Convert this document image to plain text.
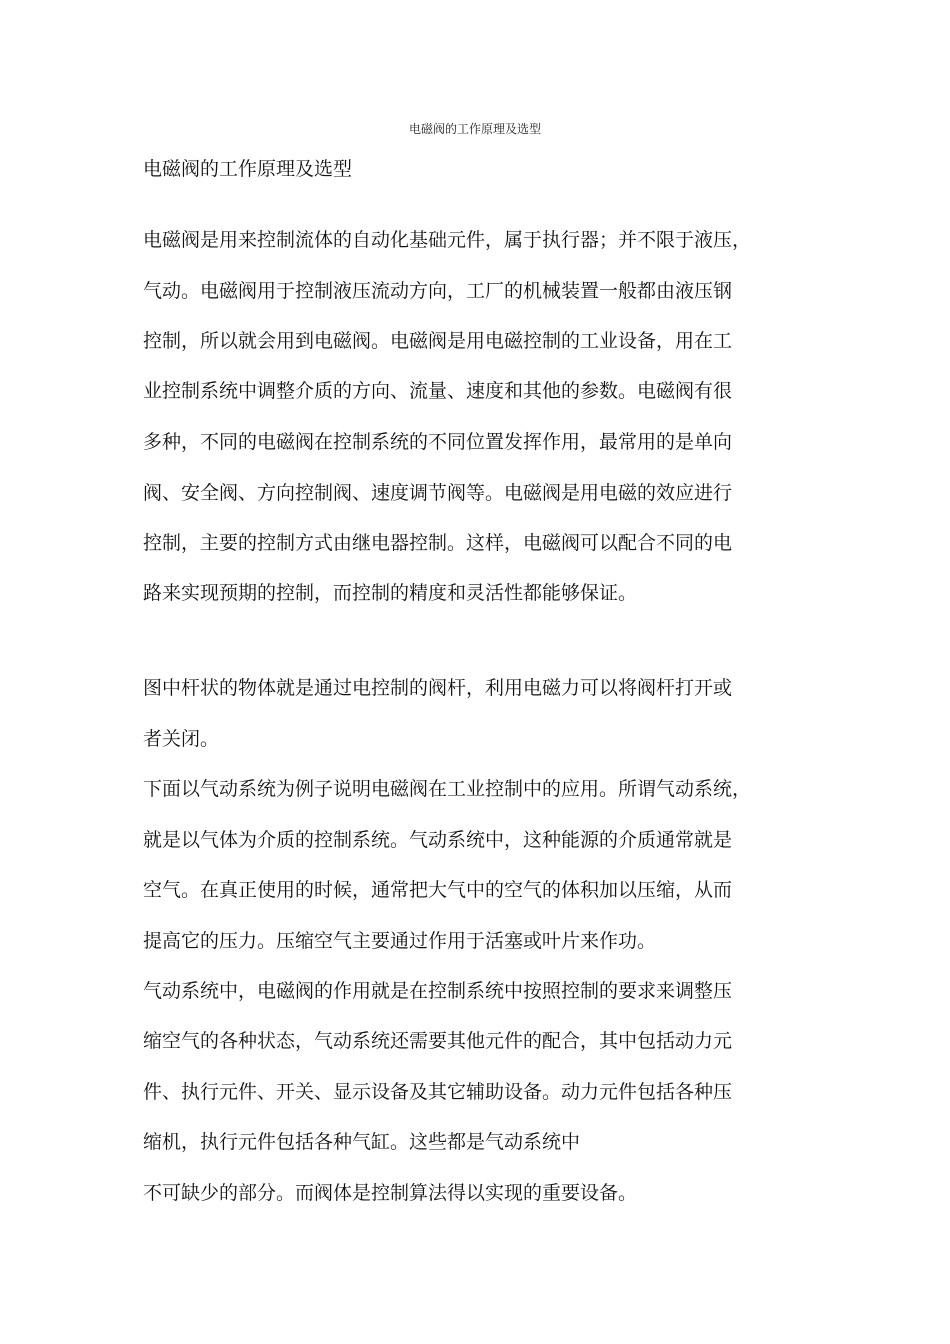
电磁阀的工作原理及选型
电磁阀的工作原理及选型
电磁阀是用来控制流体的自动化基础元件，属于执行器；并不限于液压，
气动。电磁阀用于控制液压流动方向，工厂的机械装置一般都由液压钢
控制，所以就会用到电磁阀。电磁阀是用电磁控制的工业设备，用在工
业控制系统中调整介质的方向、流量、速度和其他的参数。电磁阀有很
多种，不同的电磁阀在控制系统的不同位置发挥作用，最常用的是单向
阀、安全阀、方向控制阀、速度调节阀等。电磁阀是用电磁的效应进行
控制，主要的控制方式由继电器控制。这样，电磁阀可以配合不同的电
路来实现预期的控制，而控制的精度和灵活性都能够保证。
图中杆状的物体就是通过电控制的阀杆，利用电磁力可以将阀杆打开或
者关闭。
下面以气动系统为例子说明电磁阀在工业控制中的应用。所谓气动系统，
就是以气体为介质的控制系统。气动系统中，这种能源的介质通常就是
空气。在真正使用的时候，通常把大气中的空气的体积加以压缩，从而
提高它的压力。压缩空气主要通过作用于活塞或叶片来作功。
气动系统中，电磁阀的作用就是在控制系统中按照控制的要求来调整压
缩空气的各种状态，气动系统还需要其他元件的配合，其中包括动力元
件、执行元件、开关、显示设备及其它辅助设备。动力元件包括各种压
缩机，执行元件包括各种气缸。这些都是气动系统中
不可缺少的部分。而阀体是控制算法得以实现的重要设备。
